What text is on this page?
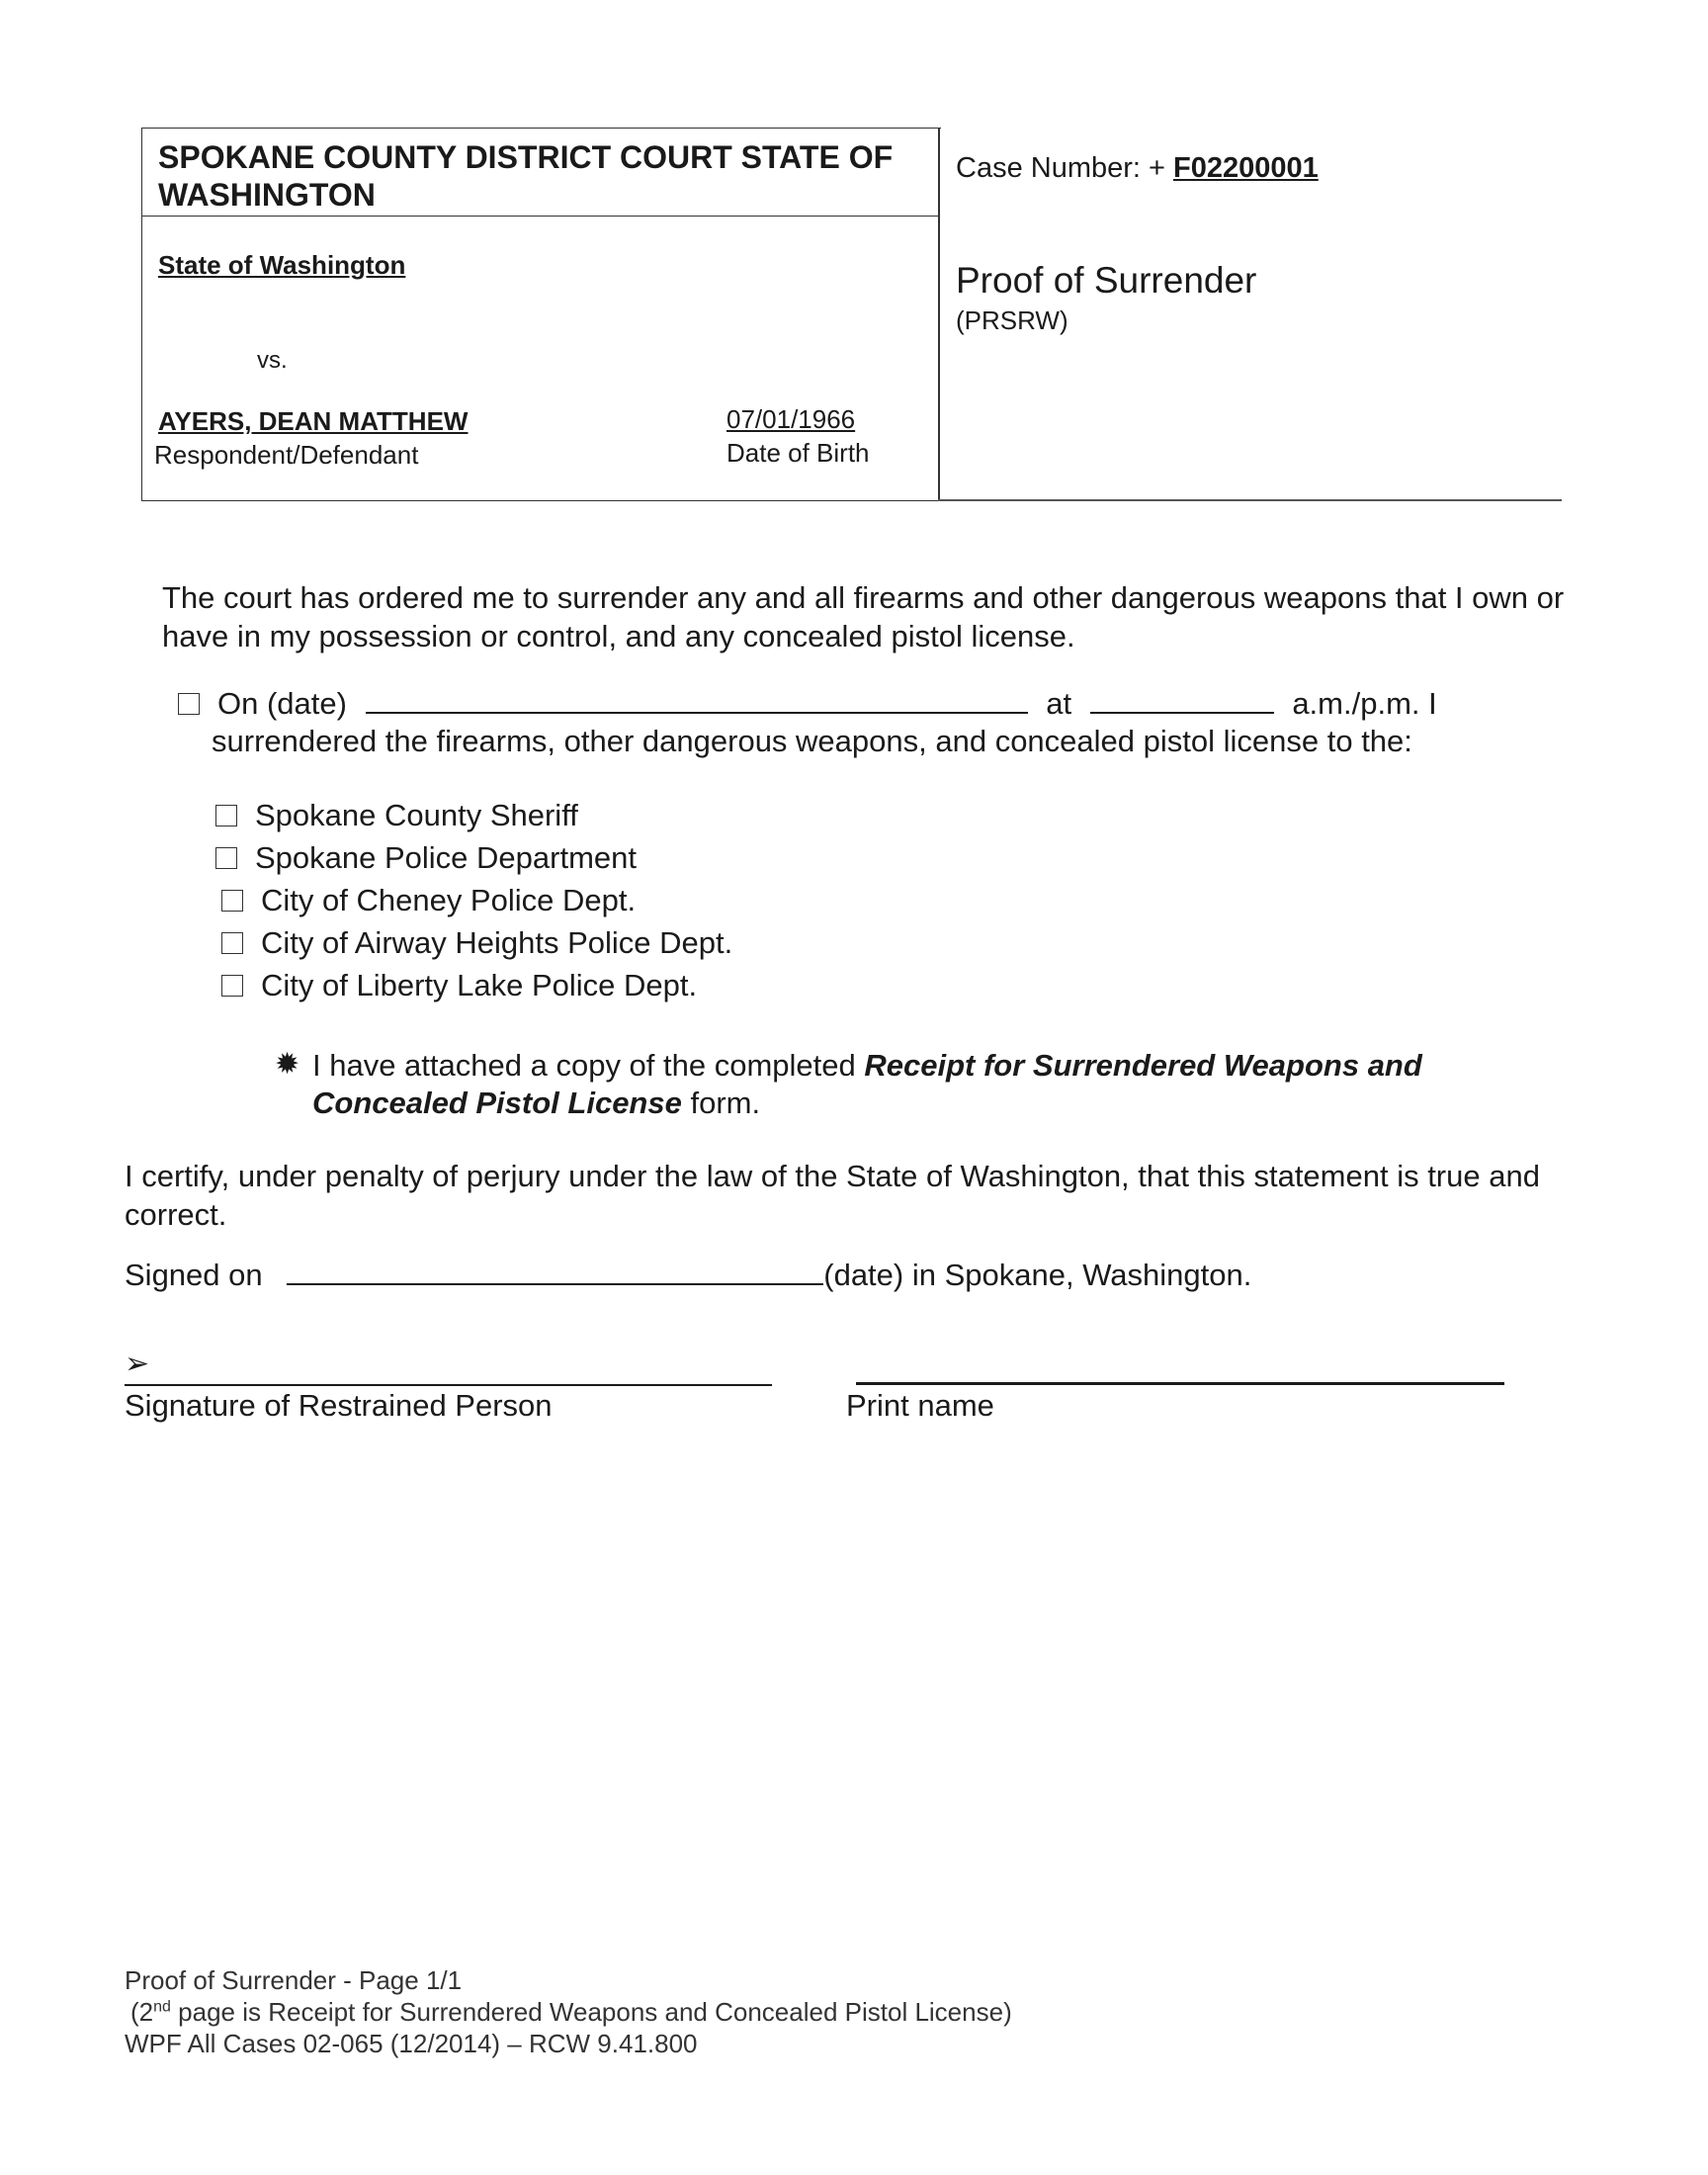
SPOKANE COUNTY DISTRICT COURT STATE OF WASHINGTON
State of Washington
vs.
AYERS, DEAN MATTHEW
Respondent/Defendant
07/01/1966
Date of Birth
Case Number: + F02200001
Proof of Surrender
(PRSRW)
The court has ordered me to surrender any and all firearms and other dangerous weapons that I own or have in my possession or control, and any concealed pistol license.
On (date)	at	a.m./p.m. I
surrendered the firearms, other dangerous weapons, and concealed pistol license to the:
Spokane County Sheriff
Spokane Police Department
City of Cheney Police Dept.
City of Airway Heights Police Dept.
City of Liberty Lake Police Dept.
✹ I have attached a copy of the completed Receipt for Surrendered Weapons and Concealed Pistol License form.
I certify, under penalty of perjury under the law of the State of Washington, that this statement is true and correct.
Signed on	(date) in Spokane, Washington.
➢
Signature of Restrained Person	Print name
Proof of Surrender - Page 1/1
(2nd page is Receipt for Surrendered Weapons and Concealed Pistol License)
WPF All Cases 02-065 (12/2014) – RCW 9.41.800
